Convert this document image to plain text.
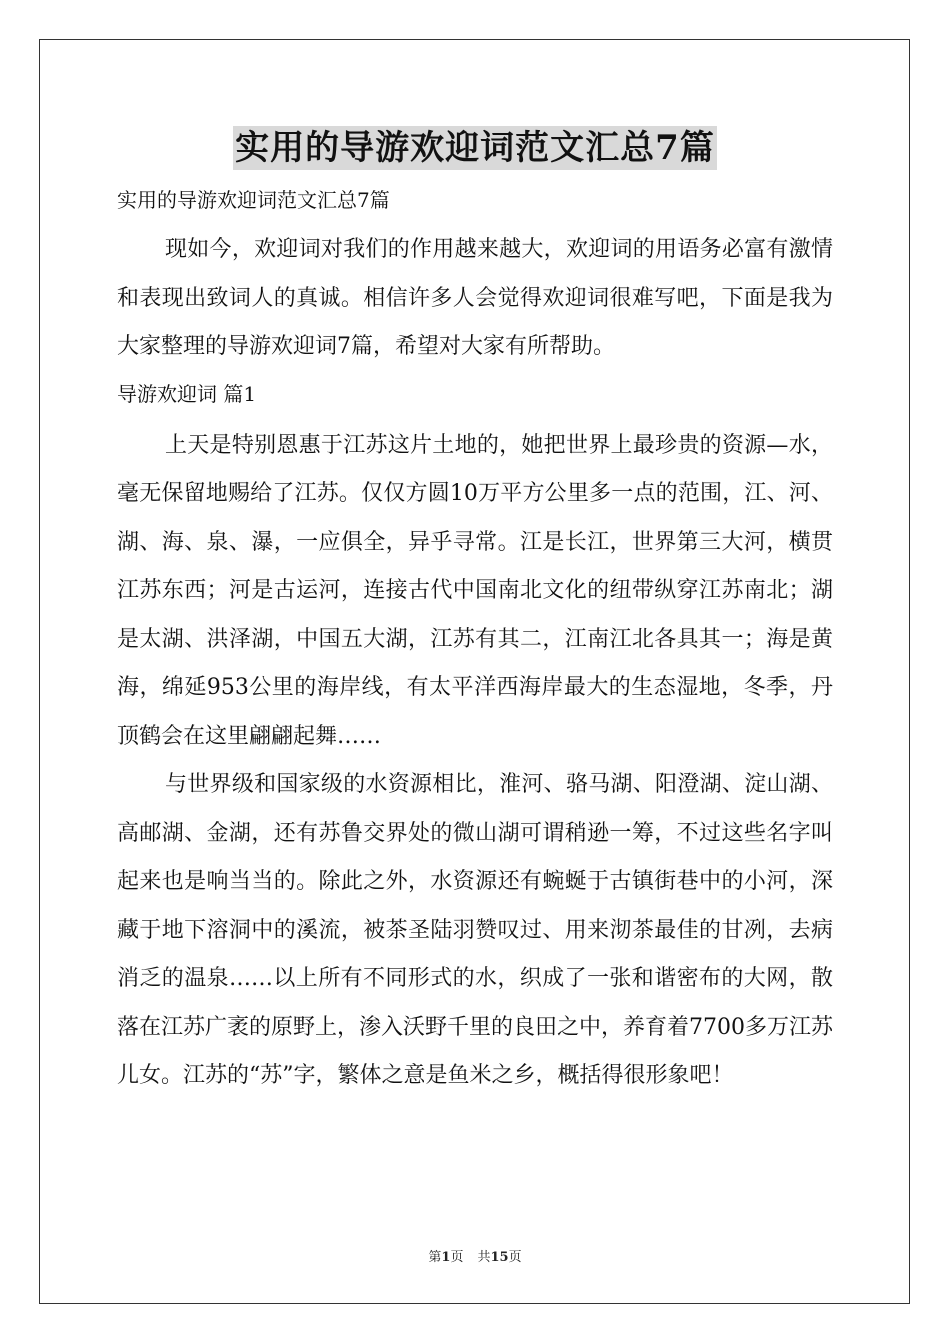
实用的导游欢迎词范文汇总7篇
实用的导游欢迎词范文汇总7篇

现如今，欢迎词对我们的作用越来越大，欢迎词的用语务必富有激情和表现出致词人的真诚。相信许多人会觉得欢迎词很难写吧，下面是我为大家整理的导游欢迎词7篇，希望对大家有所帮助。

导游欢迎词 篇1

上天是特别恩惠于江苏这片土地的，她把世界上最珍贵的资源—水，毫无保留地赐给了江苏。仅仅方圆10万平方公里多一点的范围，江、河、湖、海、泉、瀑，一应俱全，异乎寻常。江是长江，世界第三大河，横贯江苏东西；河是古运河，连接古代中国南北文化的纽带纵穿江苏南北；湖是太湖、洪泽湖，中国五大湖，江苏有其二，江南江北各具其一；海是黄海，绵延953公里的海岸线，有太平洋西海岸最大的生态湿地，冬季，丹顶鹤会在这里翩翩起舞……

与世界级和国家级的水资源相比，淮河、骆马湖、阳澄湖、淀山湖、高邮湖、金湖，还有苏鲁交界处的微山湖可谓稍逊一筹，不过这些名字叫起来也是响当当的。除此之外，水资源还有蜿蜒于古镇街巷中的小河，深藏于地下溶洞中的溪流，被茶圣陆羽赞叹过、用来沏茶最佳的甘冽，去病消乏的温泉……以上所有不同形式的水，织成了一张和谐密布的大网，散落在江苏广袤的原野上，渗入沃野千里的良田之中，养育着7700多万江苏儿女。江苏的“苏”字，繁体之意是鱼米之乡，概括得很形象吧！

第1页 共15页
